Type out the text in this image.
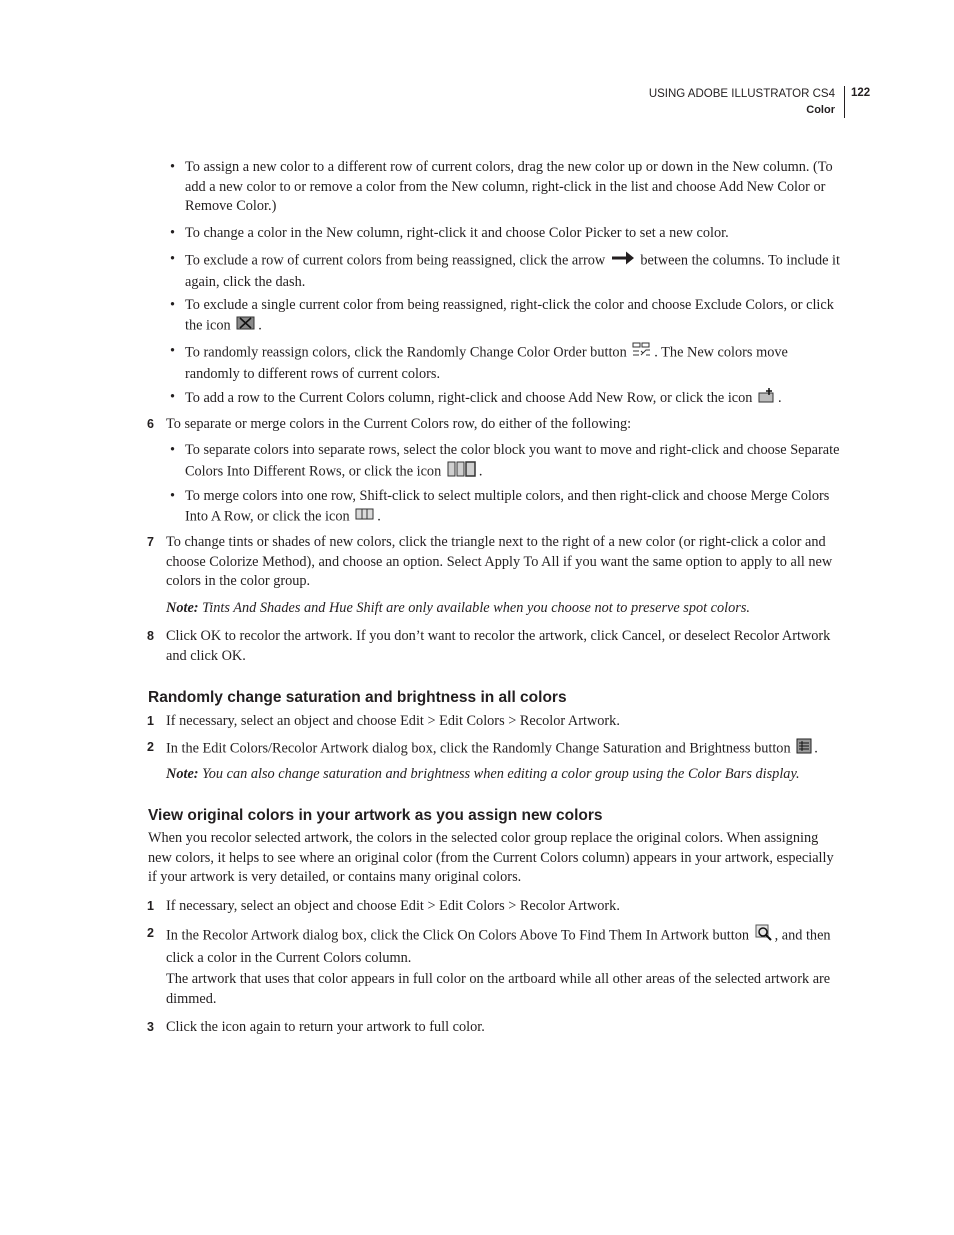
USING ADOBE ILLUSTRATOR CS4
Color
122
• To assign a new color to a different row of current colors, drag the new color up or down in the New column. (To add a new color to or remove a color from the New column, right-click in the list and choose Add New Color or Remove Color.)
• To change a color in the New column, right-click it and choose Color Picker to set a new color.
• To exclude a row of current colors from being reassigned, click the arrow between the columns. To include it again, click the dash.
• To exclude a single current color from being reassigned, right-click the color and choose Exclude Colors, or click the icon .
• To randomly reassign colors, click the Randomly Change Color Order button . The New colors move randomly to different rows of current colors.
• To add a row to the Current Colors column, right-click and choose Add New Row, or click the icon .
6 To separate or merge colors in the Current Colors row, do either of the following:
• To separate colors into separate rows, select the color block you want to move and right-click and choose Separate Colors Into Different Rows, or click the icon	.
• To merge colors into one row, Shift-click to select multiple colors, and then right-click and choose Merge Colors Into A Row, or click the icon .
7 To change tints or shades of new colors, click the triangle next to the right of a new color (or right-click a color and choose Colorize Method), and choose an option. Select Apply To All if you want the same option to apply to all new colors in the color group.
Note: Tints And Shades and Hue Shift are only available when you choose not to preserve spot colors.
8 Click OK to recolor the artwork. If you don’t want to recolor the artwork, click Cancel, or deselect Recolor Artwork and click OK.
Randomly change saturation and brightness in all colors
1 If necessary, select an object and choose Edit > Edit Colors > Recolor Artwork.
2 In the Edit Colors/Recolor Artwork dialog box, click the Randomly Change Saturation and Brightness button .
Note: You can also change saturation and brightness when editing a color group using the Color Bars display.
View original colors in your artwork as you assign new colors
When you recolor selected artwork, the colors in the selected color group replace the original colors. When assigning new colors, it helps to see where an original color (from the Current Colors column) appears in your artwork, especially if your artwork is very detailed, or contains many original colors.
1 If necessary, select an object and choose Edit > Edit Colors > Recolor Artwork.
2 In the Recolor Artwork dialog box, click the Click On Colors Above To Find Them In Artwork button , and then click a color in the Current Colors column.
The artwork that uses that color appears in full color on the artboard while all other areas of the selected artwork are dimmed.
3 Click the icon again to return your artwork to full color.
